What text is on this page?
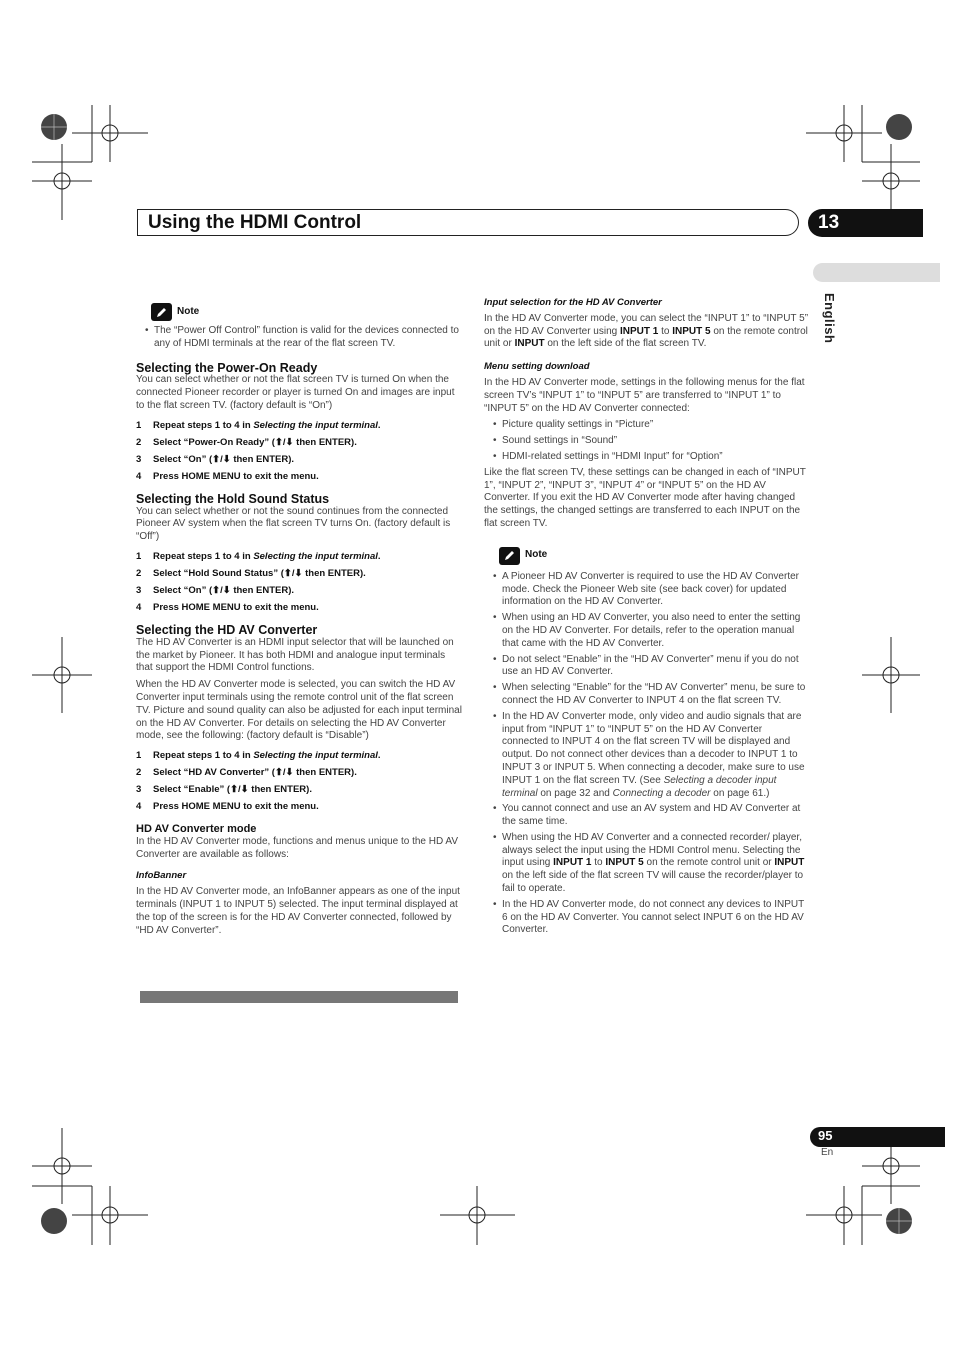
Using the HDMI Control	13
English
Note
• The “Power Off Control” function is valid for the devices connected to any of HDMI terminals at the rear of the flat screen TV.
Selecting the Power-On Ready

You can select whether or not the flat screen TV is turned On when the connected Pioneer recorder or player is turned On and images are input to the flat screen TV. (factory default is “On”)

1 Repeat steps 1 to 4 in Selecting the input terminal.
2 Select “Power-On Ready” (⬆/⬇ then ENTER).
3 Select “On” (⬆/⬇ then ENTER).
4 Press HOME MENU to exit the menu.
Selecting the Hold Sound Status

You can select whether or not the sound continues from the connected Pioneer AV system when the flat screen TV turns On. (factory default is “Off”)

1 Repeat steps 1 to 4 in Selecting the input terminal.
2 Select “Hold Sound Status” (⬆/⬇ then ENTER).
3 Select “On” (⬆/⬇ then ENTER).
4 Press HOME MENU to exit the menu.
Selecting the HD AV Converter

The HD AV Converter is an HDMI input selector that will be launched on the market by Pioneer. It has both HDMI and analogue input terminals that support the HDMI Control functions.

When the HD AV Converter mode is selected, you can switch the HD AV Converter input terminals using the remote control unit of the flat screen TV. Picture and sound quality can also be adjusted for each input terminal on the HD AV Converter. For details on selecting the HD AV Converter mode, see the following: (factory default is “Disable”)

1 Repeat steps 1 to 4 in Selecting the input terminal.
2 Select “HD AV Converter” (⬆/⬇ then ENTER).
3 Select “Enable” (⬆/⬇ then ENTER).
4 Press HOME MENU to exit the menu.
HD AV Converter mode

In the HD AV Converter mode, functions and menus unique to the HD AV Converter are available as follows:

InfoBanner

In the HD AV Converter mode, an InfoBanner appears as one of the input terminals (INPUT 1 to INPUT 5) selected. The input terminal displayed at the top of the screen is for the HD AV Converter connected, followed by “HD AV Converter”.

Input selection for the HD AV Converter

In the HD AV Converter mode, you can select the “INPUT 1” to “INPUT 5” on the HD AV Converter using INPUT 1 to INPUT 5 on the remote control unit or INPUT on the left side of the flat screen TV.

Menu setting download

In the HD AV Converter mode, settings in the following menus for the flat screen TV’s “INPUT 1” to “INPUT 5” are transferred to “INPUT 1” to “INPUT 5” on the HD AV Converter connected:

• Picture quality settings in “Picture”
• Sound settings in “Sound”
• HDMI-related settings in “HDMI Input” for “Option”

Like the flat screen TV, these settings can be changed in each of “INPUT 1”, “INPUT 2”, “INPUT 3”, “INPUT 4” or “INPUT 5” on the HD AV Converter. If you exit the HD AV Converter mode after having changed the settings, the changed settings are transferred to each INPUT on the flat screen TV.

Note
• A Pioneer HD AV Converter is required to use the HD AV Converter mode. Check the Pioneer Web site (see back cover) for updated information on the HD AV Converter.
• When using an HD AV Converter, you also need to enter the setting on the HD AV Converter. For details, refer to the operation manual that came with the HD AV Converter.
• Do not select “Enable” in the “HD AV Converter” menu if you do not use an HD AV Converter.
• When selecting “Enable” for the “HD AV Converter” menu, be sure to connect the HD AV Converter to INPUT 4 on the flat screen TV.
• In the HD AV Converter mode, only video and audio signals that are input from “INPUT 1” to “INPUT 5” on the HD AV Converter connected to INPUT 4 on the flat screen TV will be displayed and output. Do not connect other devices than a decoder to INPUT 1 to INPUT 3 or INPUT 5. When connecting a decoder, make sure to use INPUT 1 on the flat screen TV. (See Selecting a decoder input terminal on page 32 and Connecting a decoder on page 61.)
• You cannot connect and use an AV system and HD AV Converter at the same time.
• When using the HD AV Converter and a connected recorder/ player, always select the input using the HDMI Control menu. Selecting the input using INPUT 1 to INPUT 5 on the remote control unit or INPUT on the left side of the flat screen TV will cause the recorder/player to fail to operate.
• In the HD AV Converter mode, do not connect any devices to INPUT 6 on the HD AV Converter. You cannot select INPUT 6 on the HD AV Converter.
95
En
